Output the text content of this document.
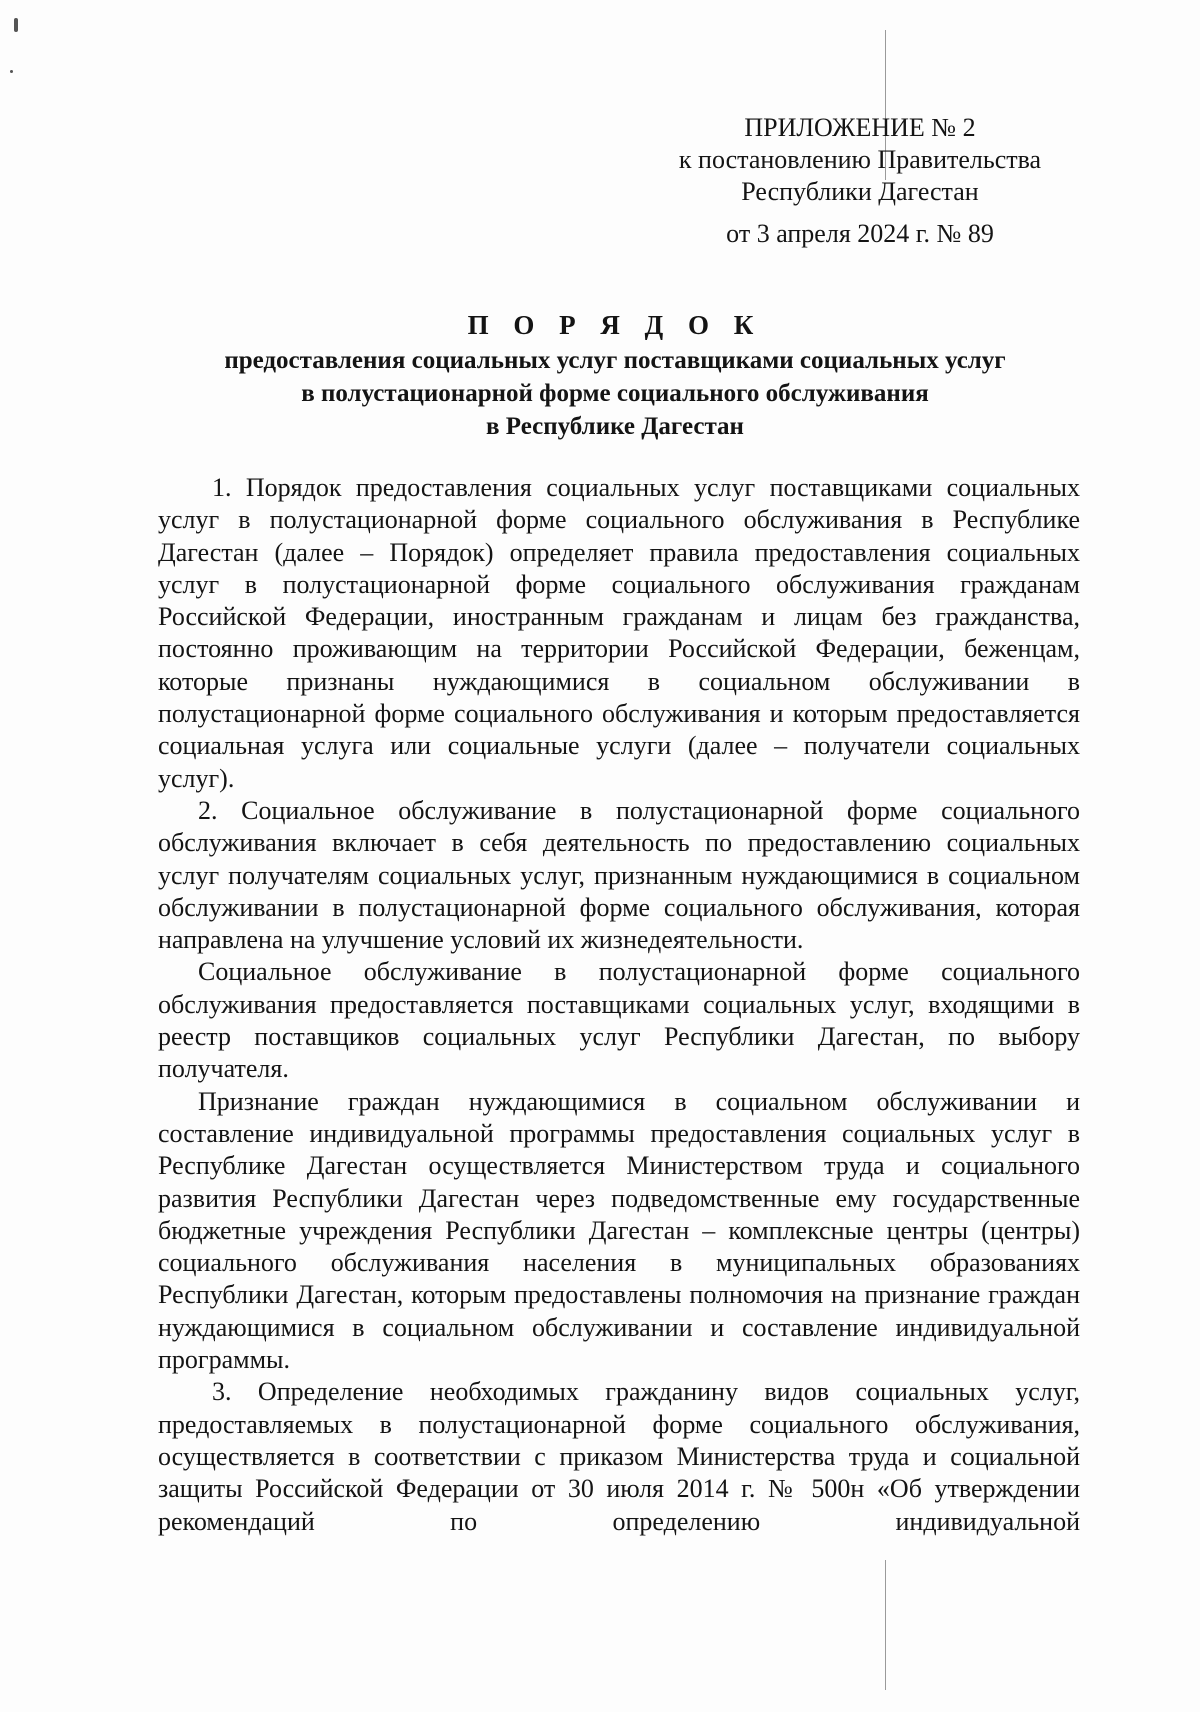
ПРИЛОЖЕНИЕ № 2
к постановлению Правительства
Республики Дагестан
от 3 апреля 2024 г. № 89
П О Р Я Д О К
предоставления социальных услуг поставщиками социальных услуг
в полустационарной форме социального обслуживания
в Республике Дагестан

1. Порядок предоставления социальных услуг поставщиками социальных услуг в полустационарной форме социального обслуживания в Республике Дагестан (далее – Порядок) определяет правила предоставления социальных услуг в полустационарной форме социального обслуживания гражданам Российской Федерации, иностранным гражданам и лицам без гражданства, постоянно проживающим на территории Российской Федерации, беженцам, которые признаны нуждающимися в социальном обслуживании в полустационарной форме социального обслуживания и которым предоставляется социальная услуга или социальные услуги (далее – получатели социальных услуг).

2. Социальное обслуживание в полустационарной форме социального обслуживания включает в себя деятельность по предоставлению социальных услуг получателям социальных услуг, признанным нуждающимися в социальном обслуживании в полустационарной форме социального обслуживания, которая направлена на улучшение условий их жизнедеятельности.

Социальное обслуживание в полустационарной форме социального обслуживания предоставляется поставщиками социальных услуг, входящими в реестр поставщиков социальных услуг Республики Дагестан, по выбору получателя.

Признание граждан нуждающимися в социальном обслуживании и составление индивидуальной программы предоставления социальных услуг в Республике Дагестан осуществляется Министерством труда и социального развития Республики Дагестан через подведомственные ему государственные бюджетные учреждения Республики Дагестан – комплексные центры (центры) социального обслуживания населения в муниципальных образованиях Республики Дагестан, которым предоставлены полномочия на признание граждан нуждающимися в социальном обслуживании и составление индивидуальной программы.

3. Определение необходимых гражданину видов социальных услуг, предоставляемых в полустационарной форме социального обслуживания, осуществляется в соответствии с приказом Министерства труда и социальной защиты Российской Федерации от 30 июля 2014 г. № 500н «Об утверждении рекомендаций по определению индивидуальной
